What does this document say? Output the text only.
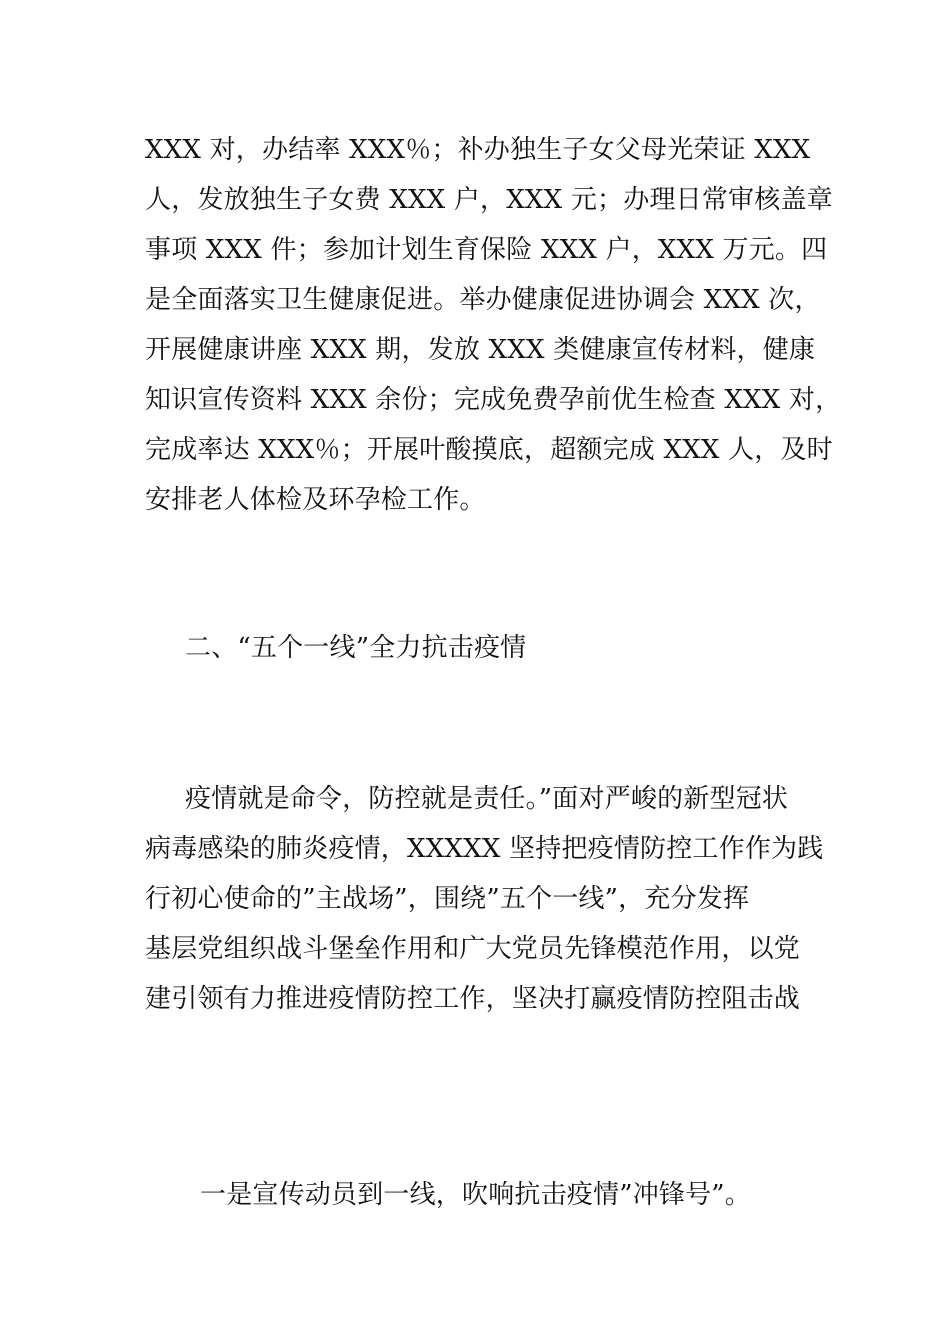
XXX 对，办结率 XXX％；补办独生子女父母光荣证 XXX
人，发放独生子女费 XXX 户，XXX 元；办理日常审核盖章
事项 XXX 件；参加计划生育保险 XXX 户，XXX 万元。四
是全面落实卫生健康促进。举办健康促进协调会 XXX 次，
开展健康讲座 XXX 期，发放 XXX 类健康宣传材料，健康
知识宣传资料 XXX 余份；完成免费孕前优生检查 XXX 对，
完成率达 XXX％；开展叶酸摸底，超额完成 XXX 人，及时
安排老人体检及环孕检工作。
二、“五个一线”全力抗击疫情
疫情就是命令，防控就是责任。”面对严峻的新型冠状
病毒感染的肺炎疫情，XXXXX 坚持把疫情防控工作作为践
行初心使命的”主战场”，围绕”五个一线”，充分发挥
基层党组织战斗堡垒作用和广大党员先锋模范作用，以党
建引领有力推进疫情防控工作，坚决打赢疫情防控阻击战
一是宣传动员到一线，吹响抗击疫情”冲锋号”。
